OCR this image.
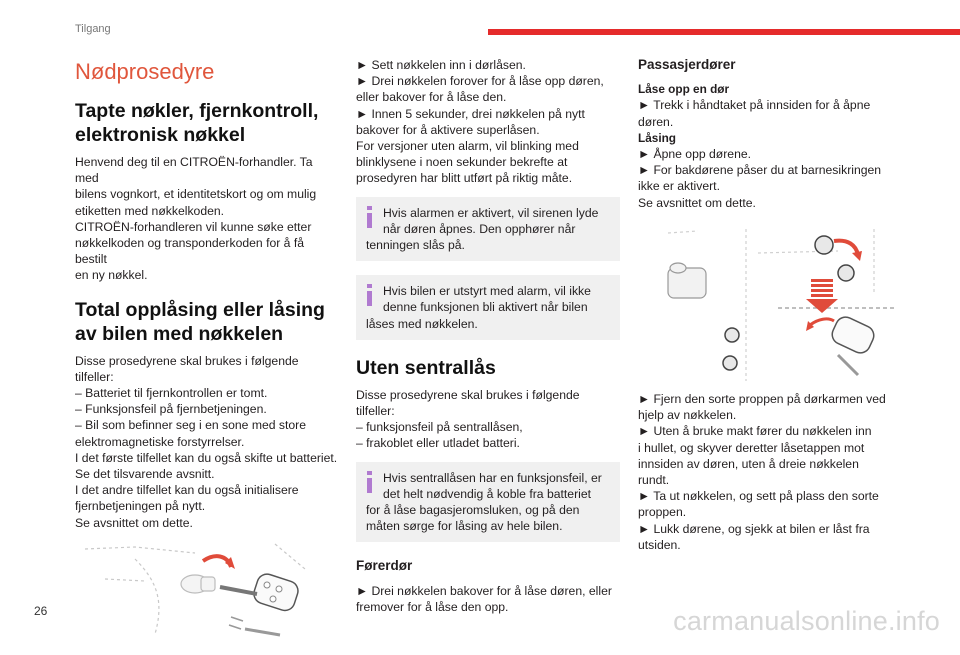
Tilgang
Nødprosedyre
Tapte nøkler, fjernkontroll, elektronisk nøkkel

Henvend deg til en CITROËN-forhandler. Ta med
bilens vognkort, et identitetskort og om mulig
etiketten med nøkkelkoden.
CITROËN-forhandleren vil kunne søke etter
nøkkelkoden og transponderkoden for å få bestilt
en ny nøkkel.

Total opplåsing eller låsing av bilen med nøkkelen

Disse prosedyrene skal brukes i følgende
tilfeller:
– Batteriet til fjernkontrollen er tomt.
– Funksjonsfeil på fjernbetjeningen.
– Bil som befinner seg i en sone med store
elektromagnetiske forstyrrelser.
I det første tilfellet kan du også skifte ut batteriet.
Se det tilsvarende avsnitt.
I det andre tilfellet kan du også initialisere
fjernbetjeningen på nytt.
Se avsnittet om dette.

► Sett nøkkelen inn i dørlåsen.
► Drei nøkkelen forover for å låse opp døren,
eller bakover for å låse den.
► Innen 5 sekunder, drei nøkkelen på nytt
bakover for å aktivere superlåsen.
For versjoner uten alarm, vil blinking med
blinklysene i noen sekunder bekrefte at
prosedyren har blitt utført på riktig måte.

Hvis alarmen er aktivert, vil sirenen lyde
når døren åpnes. Den opphører når
tenningen slås på.
Hvis bilen er utstyrt med alarm, vil ikke
denne funksjonen bli aktivert når bilen
låses med nøkkelen.
Uten sentrallås

Disse prosedyrene skal brukes i følgende
tilfeller:
– funksjonsfeil på sentrallåsen,
– frakoblet eller utladet batteri.

Hvis sentrallåsen har en funksjonsfeil, er
det helt nødvendig å koble fra batteriet
for å låse bagasjeromsluken, og på den
måten sørge for låsing av hele bilen.
Førerdør

► Drei nøkkelen bakover for å låse døren, eller
fremover for å låse den opp.

Passasjerdører
Låse opp en dør

► Trekk i håndtaket på innsiden for å åpne
døren.

Låsing

► Åpne opp dørene.
► For bakdørene påser du at barnesikringen
ikke er aktivert.
Se avsnittet om dette.

► Fjern den sorte proppen på dørkarmen ved
hjelp av nøkkelen.
► Uten å bruke makt fører du nøkkelen inn
i hullet, og skyver deretter låsetappen mot
innsiden av døren, uten å dreie nøkkelen rundt.
► Ta ut nøkkelen, og sett på plass den sorte
proppen.
► Lukk dørene, og sjekk at bilen er låst fra
utsiden.

26	carmanualsonline.info
